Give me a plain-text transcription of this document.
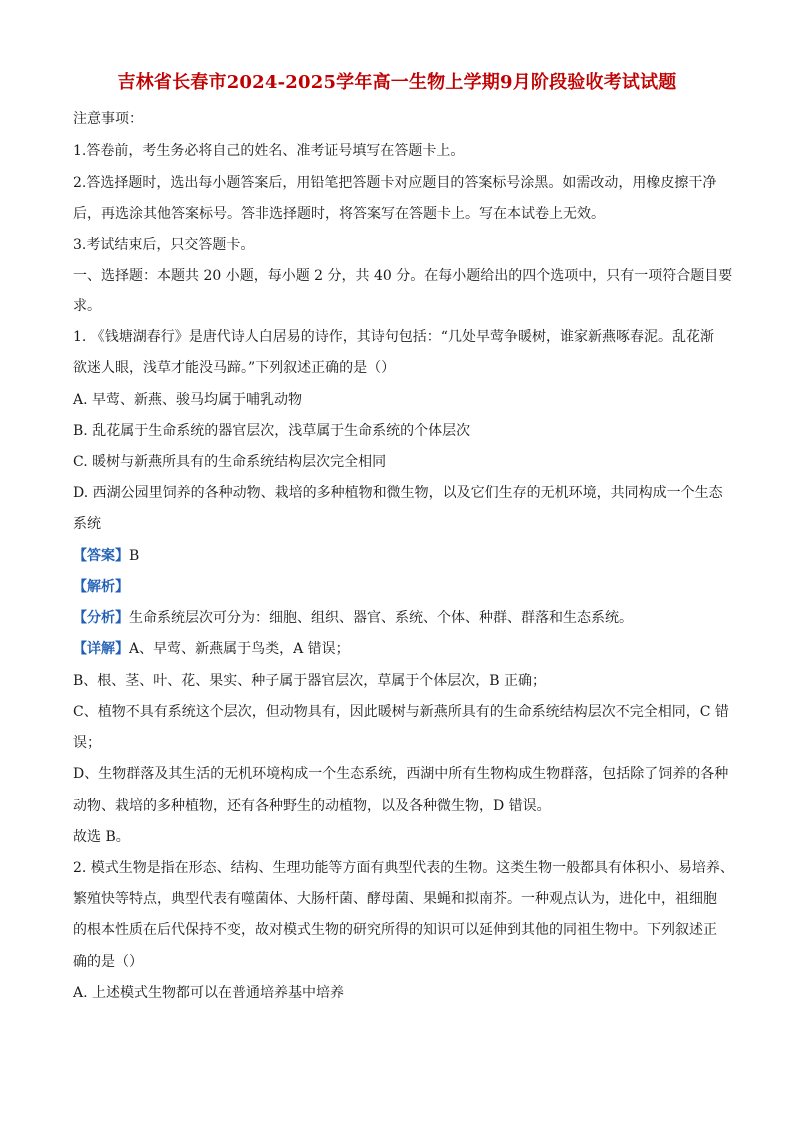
吉林省长春市2024-2025学年高一生物上学期9月阶段验收考试试题
注意事项：
1.答卷前，考生务必将自己的姓名、准考证号填写在答题卡上。
2.答选择题时，选出每小题答案后，用铅笔把答题卡对应题目的答案标号涂黑。如需改动，用橡皮擦干净
后，再选涂其他答案标号。答非选择题时，将答案写在答题卡上。写在本试卷上无效。
3.考试结束后，只交答题卡。
一、选择题：本题共 20 小题，每小题 2 分，共 40 分。在每小题给出的四个选项中，只有一项符合题目要
求。
1. 《钱塘湖春行》是唐代诗人白居易的诗作，其诗句包括：“几处早莺争暖树，谁家新燕啄春泥。乱花渐
欲迷人眼，浅草才能没马蹄。”下列叙述正确的是（）
A. 早莺、新燕、骏马均属于哺乳动物
B. 乱花属于生命系统的器官层次，浅草属于生命系统的个体层次
C. 暖树与新燕所具有的生命系统结构层次完全相同
D. 西湖公园里饲养的各种动物、栽培的多种植物和微生物，以及它们生存的无机环境，共同构成一个生态
系统
【答案】B
【解析】
【分析】生命系统层次可分为：细胞、组织、器官、系统、个体、种群、群落和生态系统。
【详解】A、早莺、新燕属于鸟类，A 错误；
B、根、茎、叶、花、果实、种子属于器官层次，草属于个体层次，B 正确；
C、植物不具有系统这个层次，但动物具有，因此暖树与新燕所具有的生命系统结构层次不完全相同，C 错
误；
D、生物群落及其生活的无机环境构成一个生态系统，西湖中所有生物构成生物群落，包括除了饲养的各种
动物、栽培的多种植物，还有各种野生的动植物，以及各种微生物，D 错误。
故选 B。
2. 模式生物是指在形态、结构、生理功能等方面有典型代表的生物。这类生物一般都具有体积小、易培养、
繁殖快等特点，典型代表有噬菌体、大肠杆菌、酵母菌、果蝇和拟南芥。一种观点认为，进化中，祖细胞
的根本性质在后代保持不变，故对模式生物的研究所得的知识可以延伸到其他的同祖生物中。下列叙述正
确的是（）
A. 上述模式生物都可以在普通培养基中培养
